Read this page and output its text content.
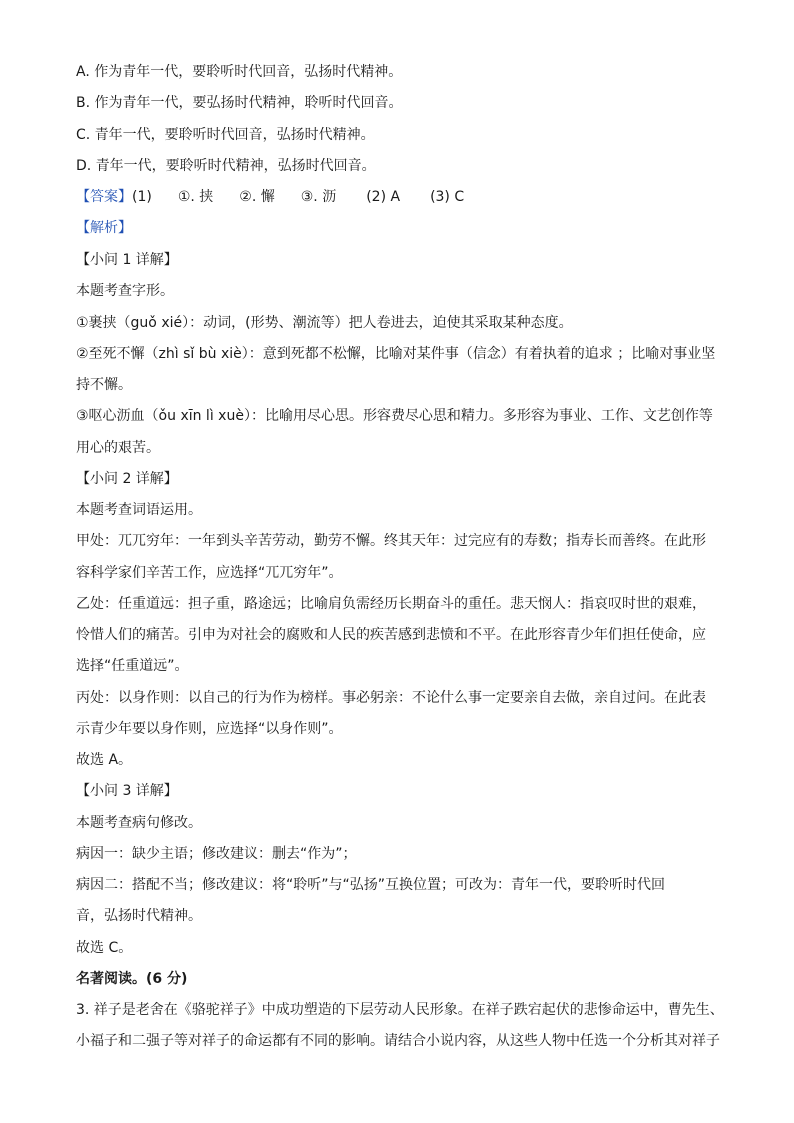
A. 作为青年一代，要聆听时代回音，弘扬时代精神。
B. 作为青年一代，要弘扬时代精神，聆听时代回音。
C. 青年一代，要聆听时代回音，弘扬时代精神。
D. 青年一代，要聆听时代精神，弘扬时代回音。
【答案】(1) ①. 挟 ②. 懈 ③. 沥 (2) A (3) C
【解析】
【小问 1 详解】
本题考查字形。
①裹挟（guǒ xié）：动词，(形势、潮流等）把人卷进去，迫使其采取某种态度。
②至死不懈（zhì sǐ bù xiè）：意到死都不松懈，比喻对某件事（信念）有着执着的追求 ；比喻对事业坚
持不懈。
③呕心沥血（ǒu xīn lì xuè）：比喻用尽心思。形容费尽心思和精力。多形容为事业、工作、文艺创作等
用心的艰苦。
【小问 2 详解】
本题考查词语运用。
甲处：兀兀穷年：一年到头辛苦劳动，勤劳不懈。终其天年：过完应有的寿数；指寿长而善终。在此形
容科学家们辛苦工作，应选择“兀兀穷年”。
乙处：任重道远：担子重，路途远；比喻肩负需经历长期奋斗的重任。悲天悯人：指哀叹时世的艰难，
怜惜人们的痛苦。引申为对社会的腐败和人民的疾苦感到悲愤和不平。在此形容青少年们担任使命，应
选择“任重道远”。
丙处：以身作则：以自己的行为作为榜样。事必躬亲：不论什么事一定要亲自去做，亲自过问。在此表
示青少年要以身作则，应选择“以身作则”。
故选 A。
【小问 3 详解】
本题考查病句修改。
病因一：缺少主语；修改建议：删去“作为”；
病因二：搭配不当；修改建议：将“聆听”与“弘扬”互换位置；可改为：青年一代，要聆听时代回
音，弘扬时代精神。
故选 C。
名著阅读。(6 分)
3. 祥子是老舍在《骆驼祥子》中成功塑造的下层劳动人民形象。在祥子跌宕起伏的悲惨命运中，曹先生、
小福子和二强子等对祥子的命运都有不同的影响。请结合小说内容，从这些人物中任选一个分析其对祥子
